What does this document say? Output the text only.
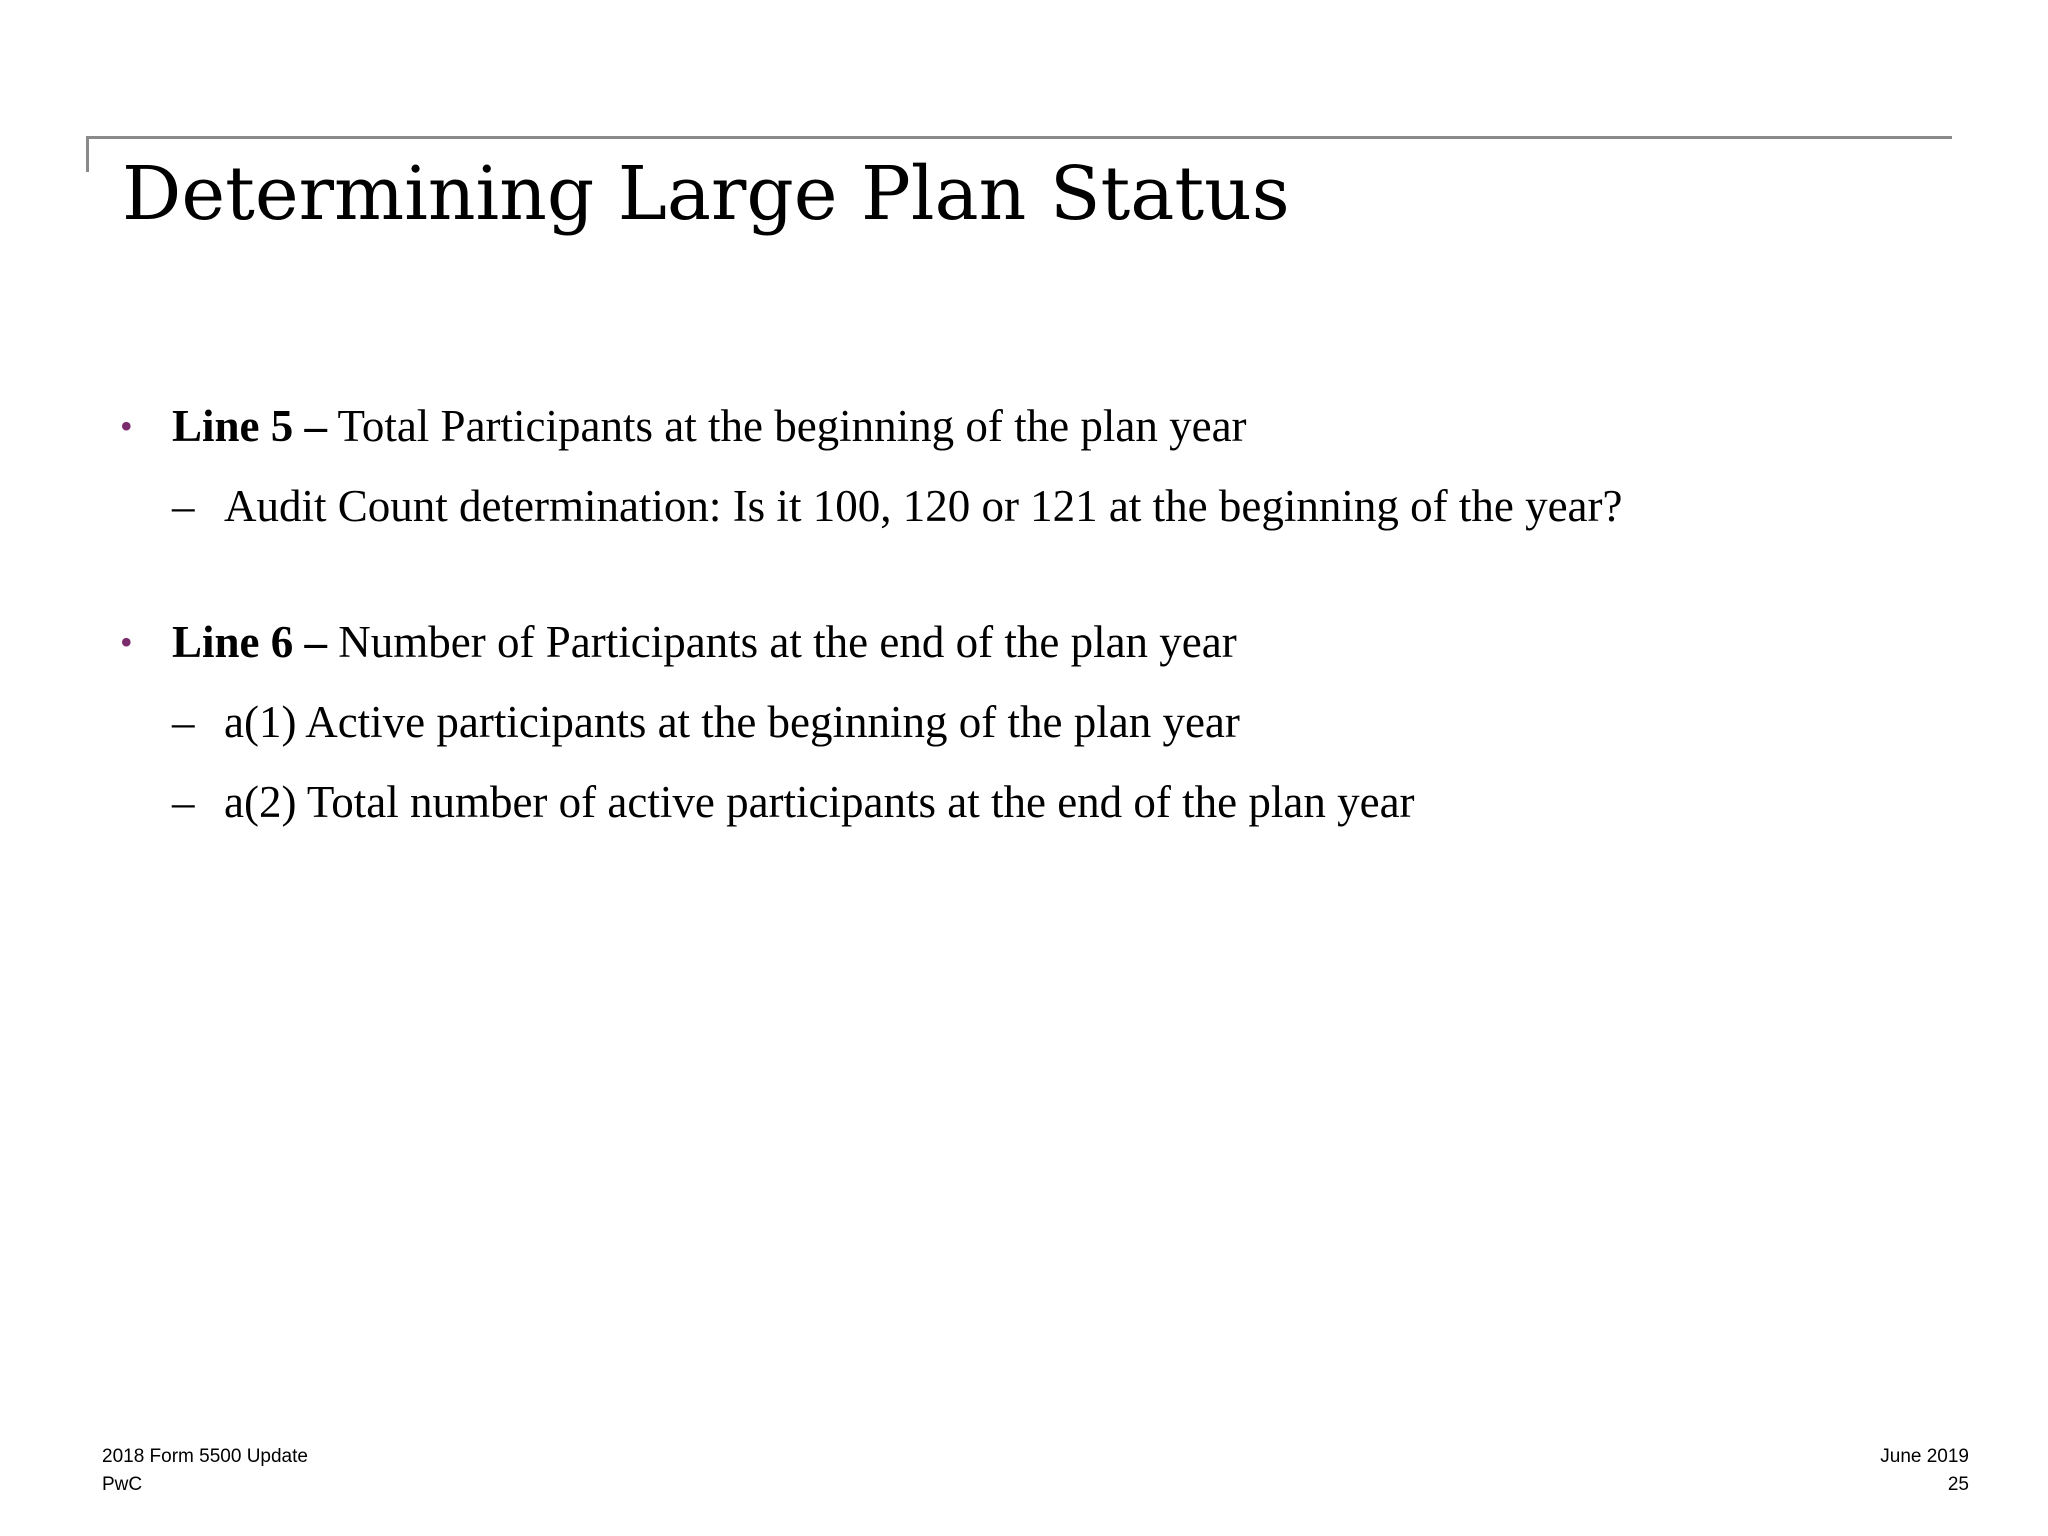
Determining Large Plan Status
• Line 5 – Total Participants at the beginning of the plan year
– Audit Count determination: Is it 100, 120 or 121 at the beginning of the year?
• Line 6 – Number of Participants at the end of the plan year
– a(1) Active participants at the beginning of the plan year
– a(2) Total number of active participants at the end of the plan year
2018 Form 5500 Update
PwC
June 2019
25
